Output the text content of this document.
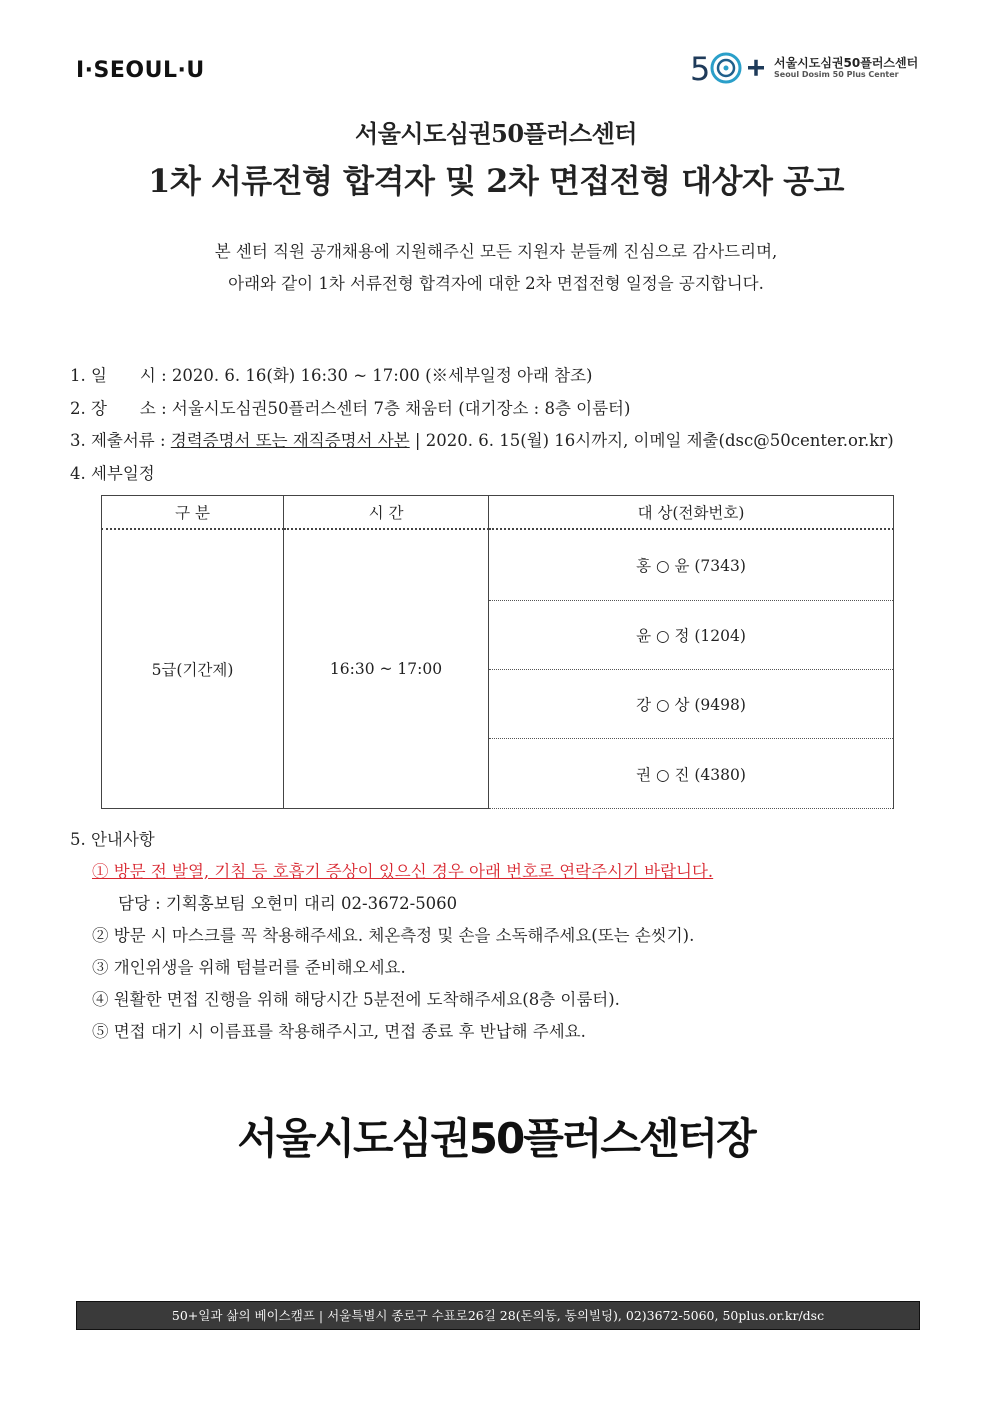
I·SEOUL·U	5	서울시도심권50플러스센터
Seoul Dosim 50 Plus Center
서울시도심권50플러스센터
1차 서류전형 합격자 및 2차 면접전형 대상자 공고
본 센터 직원 공개채용에 지원해주신 모든 지원자 분들께 진심으로 감사드리며,
아래와 같이 1차 서류전형 합격자에 대한 2차 면접전형 일정을 공지합니다.
1. 일　　시 : 2020. 6. 16(화) 16:30 ~ 17:00 (※세부일정 아래 참조)
2. 장　　소 : 서울시도심권50플러스센터 7층 채움터 (대기장소 : 8층 이룸터)
3. 제출서류 : 경력증명서 또는 재직증명서 사본 | 2020. 6. 15(월) 16시까지, 이메일 제출(dsc@50center.or.kr)
4. 세부일정
구 분	시 간	대 상(전화번호)
5급(기간제)	16:30 ~ 17:00	홍 ○ 윤 (7343)
		윤 ○ 정 (1204)
		강 ○ 상 (9498)
		권 ○ 진 (4380)
5. 안내사항
① 방문 전 발열, 기침 등 호흡기 증상이 있으신 경우 아래 번호로 연락주시기 바랍니다.
담당 : 기획홍보팀 오현미 대리 02-3672-5060
② 방문 시 마스크를 꼭 착용해주세요. 체온측정 및 손을 소독해주세요(또는 손씻기).
③ 개인위생을 위해 텀블러를 준비해오세요.
④ 원활한 면접 진행을 위해 해당시간 5분전에 도착해주세요(8층 이룸터).
⑤ 면접 대기 시 이름표를 착용해주시고, 면접 종료 후 반납해 주세요.
서울시도심권50플러스센터장
50+일과 삶의 베이스캠프 | 서울특별시 종로구 수표로26길 28(돈의동, 동의빌딩), 02)3672-5060, 50plus.or.kr/dsc
